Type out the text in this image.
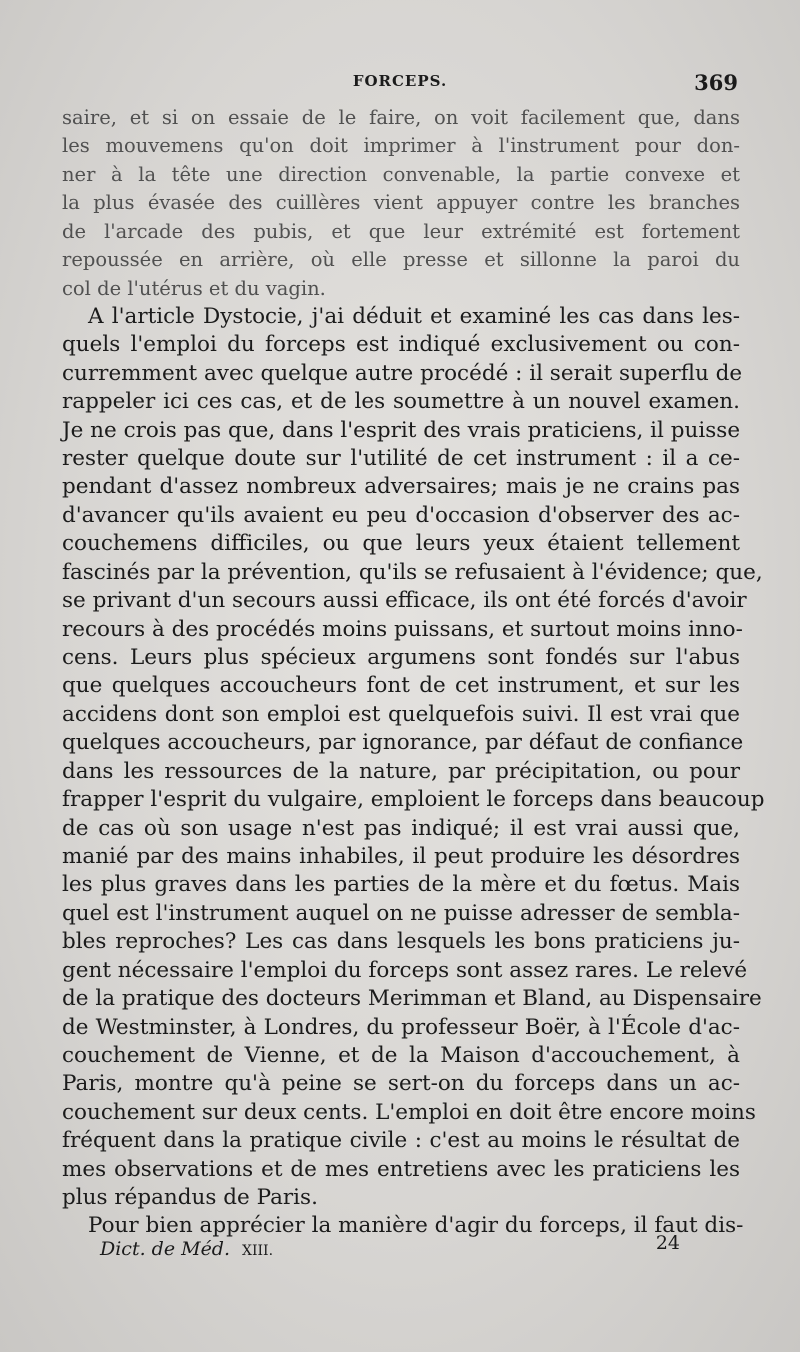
FORCEPS.	369
saire, et si on essaie de le faire, on voit facilement que, dans
les mouvemens qu'on doit imprimer à l'instrument pour don-
ner à la tête une direction convenable, la partie convexe et
la plus évasée des cuillères vient appuyer contre les branches
de l'arcade des pubis, et que leur extrémité est fortement
repoussée en arrière, où elle presse et sillonne la paroi du
col de l'utérus et du vagin.
A l'article Dystocie, j'ai déduit et examiné les cas dans les-
quels l'emploi du forceps est indiqué exclusivement ou con-
curremment avec quelque autre procédé : il serait superflu de
rappeler ici ces cas, et de les soumettre à un nouvel examen.
Je ne crois pas que, dans l'esprit des vrais praticiens, il puisse
rester quelque doute sur l'utilité de cet instrument : il a ce-
pendant d'assez nombreux adversaires; mais je ne crains pas
d'avancer qu'ils avaient eu peu d'occasion d'observer des ac-
couchemens difficiles, ou que leurs yeux étaient tellement
fascinés par la prévention, qu'ils se refusaient à l'évidence; que,
se privant d'un secours aussi efficace, ils ont été forcés d'avoir
recours à des procédés moins puissans, et surtout moins inno-
cens. Leurs plus spécieux argumens sont fondés sur l'abus
que quelques accoucheurs font de cet instrument, et sur les
accidens dont son emploi est quelquefois suivi. Il est vrai que
quelques accoucheurs, par ignorance, par défaut de confiance
dans les ressources de la nature, par précipitation, ou pour
frapper l'esprit du vulgaire, emploient le forceps dans beaucoup
de cas où son usage n'est pas indiqué; il est vrai aussi que,
manié par des mains inhabiles, il peut produire les désordres
les plus graves dans les parties de la mère et du fœtus. Mais
quel est l'instrument auquel on ne puisse adresser de sembla-
bles reproches? Les cas dans lesquels les bons praticiens ju-
gent nécessaire l'emploi du forceps sont assez rares. Le relevé
de la pratique des docteurs Merimman et Bland, au Dispensaire
de Westminster, à Londres, du professeur Boër, à l'École d'ac-
couchement de Vienne, et de la Maison d'accouchement, à
Paris, montre qu'à peine se sert-on du forceps dans un ac-
couchement sur deux cents. L'emploi en doit être encore moins
fréquent dans la pratique civile : c'est au moins le résultat de
mes observations et de mes entretiens avec les praticiens les
plus répandus de Paris.
Pour bien apprécier la manière d'agir du forceps, il faut dis-
Dict. de Méd. XIII.	24
